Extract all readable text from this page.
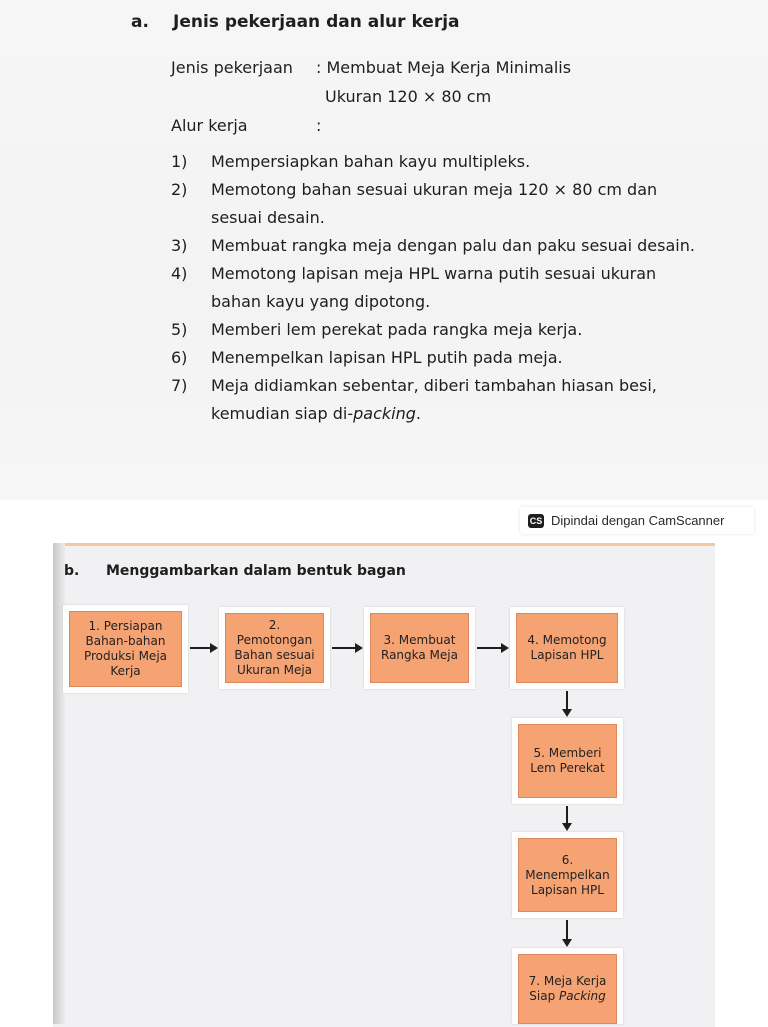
a. Jenis pekerjaan dan alur kerja
Jenis pekerjaan : Membuat Meja Kerja Minimalis
Ukuran 120 × 80 cm
Alur kerja	:
1) Mempersiapkan bahan kayu multipleks.
2) Memotong bahan sesuai ukuran meja 120 × 80 cm dan sesuai desain.
3) Membuat rangka meja dengan palu dan paku sesuai desain.
4) Memotong lapisan meja HPL warna putih sesuai ukuran bahan kayu yang dipotong.
5) Memberi lem perekat pada rangka meja kerja.
6) Menempelkan lapisan HPL putih pada meja.
7) Meja didiamkan sebentar, diberi tambahan hiasan besi, kemudian siap di-packing.
CS Dipindai dengan CamScanner
b. Menggambarkan dalam bentuk bagan
1. Persiapan Bahan-bahan Produksi Meja Kerja
2. Pemotongan Bahan sesuai Ukuran Meja
3. Membuat Rangka Meja
4. Memotong Lapisan HPL
5. Memberi Lem Perekat
6. Menempelkan Lapisan HPL
7. Meja Kerja Siap Packing
